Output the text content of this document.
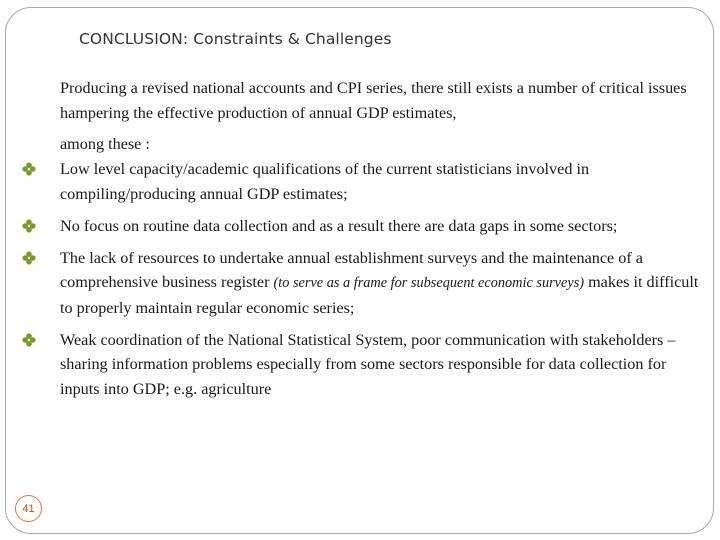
CONCLUSION: Constraints & Challenges
Producing a revised national accounts and CPI series, there still exists a number of critical issues hampering the effective production of annual GDP estimates,
among these :
Low level capacity/academic qualifications of the current statisticians involved in compiling/producing annual GDP estimates;
No focus on routine data collection and as a result there are data gaps in some sectors;
The lack of resources to undertake annual establishment surveys and the maintenance of a comprehensive business register (to serve as a frame for subsequent economic surveys) makes it difficult to properly maintain regular economic series;
Weak coordination of the National Statistical System, poor communication with stakeholders – sharing information problems especially from some sectors responsible for data collection for inputs into GDP; e.g. agriculture
41
